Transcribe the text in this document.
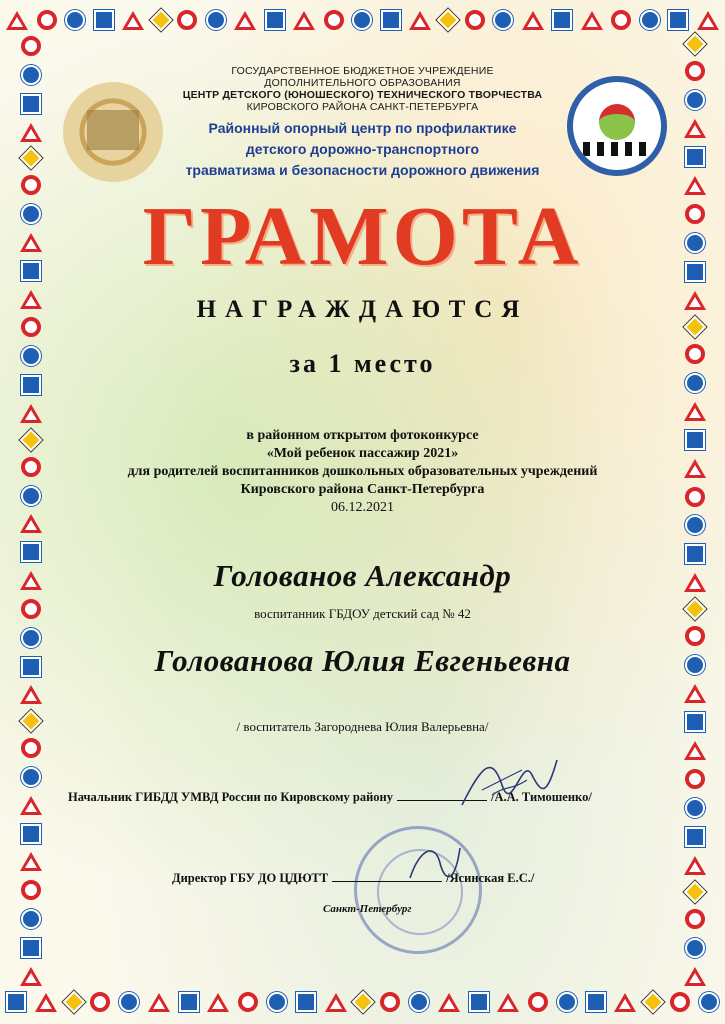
ГОСУДАРСТВЕННОЕ БЮДЖЕТНОЕ УЧРЕЖДЕНИЕ

ДОПОЛНИТЕЛЬНОГО ОБРАЗОВАНИЯ

ЦЕНТР ДЕТСКОГО (ЮНОШЕСКОГО) ТЕХНИЧЕСКОГО ТВОРЧЕСТВА

КИРОВСКОГО РАЙОНА САНКТ-ПЕТЕРБУРГА

Районный опорный центр по профилактике

детского дорожно-транспортного

травматизма и безопасности дорожного движения

ГРАМОТА

НАГРАЖДАЮТСЯ

за 1 место

в районном открытом фотоконкурсе

«Мой ребенок пассажир 2021»

для родителей воспитанников дошкольных образовательных учреждений

Кировского района Санкт-Петербурга

06.12.2021

Голованов Александр

воспитанник ГБДОУ детский сад № 42

Голованова Юлия Евгеньевна

/ воспитатель Загороднева Юлия Валерьевна/

Начальник ГИБДД УМВД России по Кировскому району	/А.А. Тимошенко/
Директор ГБУ ДО ЦДЮТТ	/Ясинская Е.С./
Санкт-Петербург
